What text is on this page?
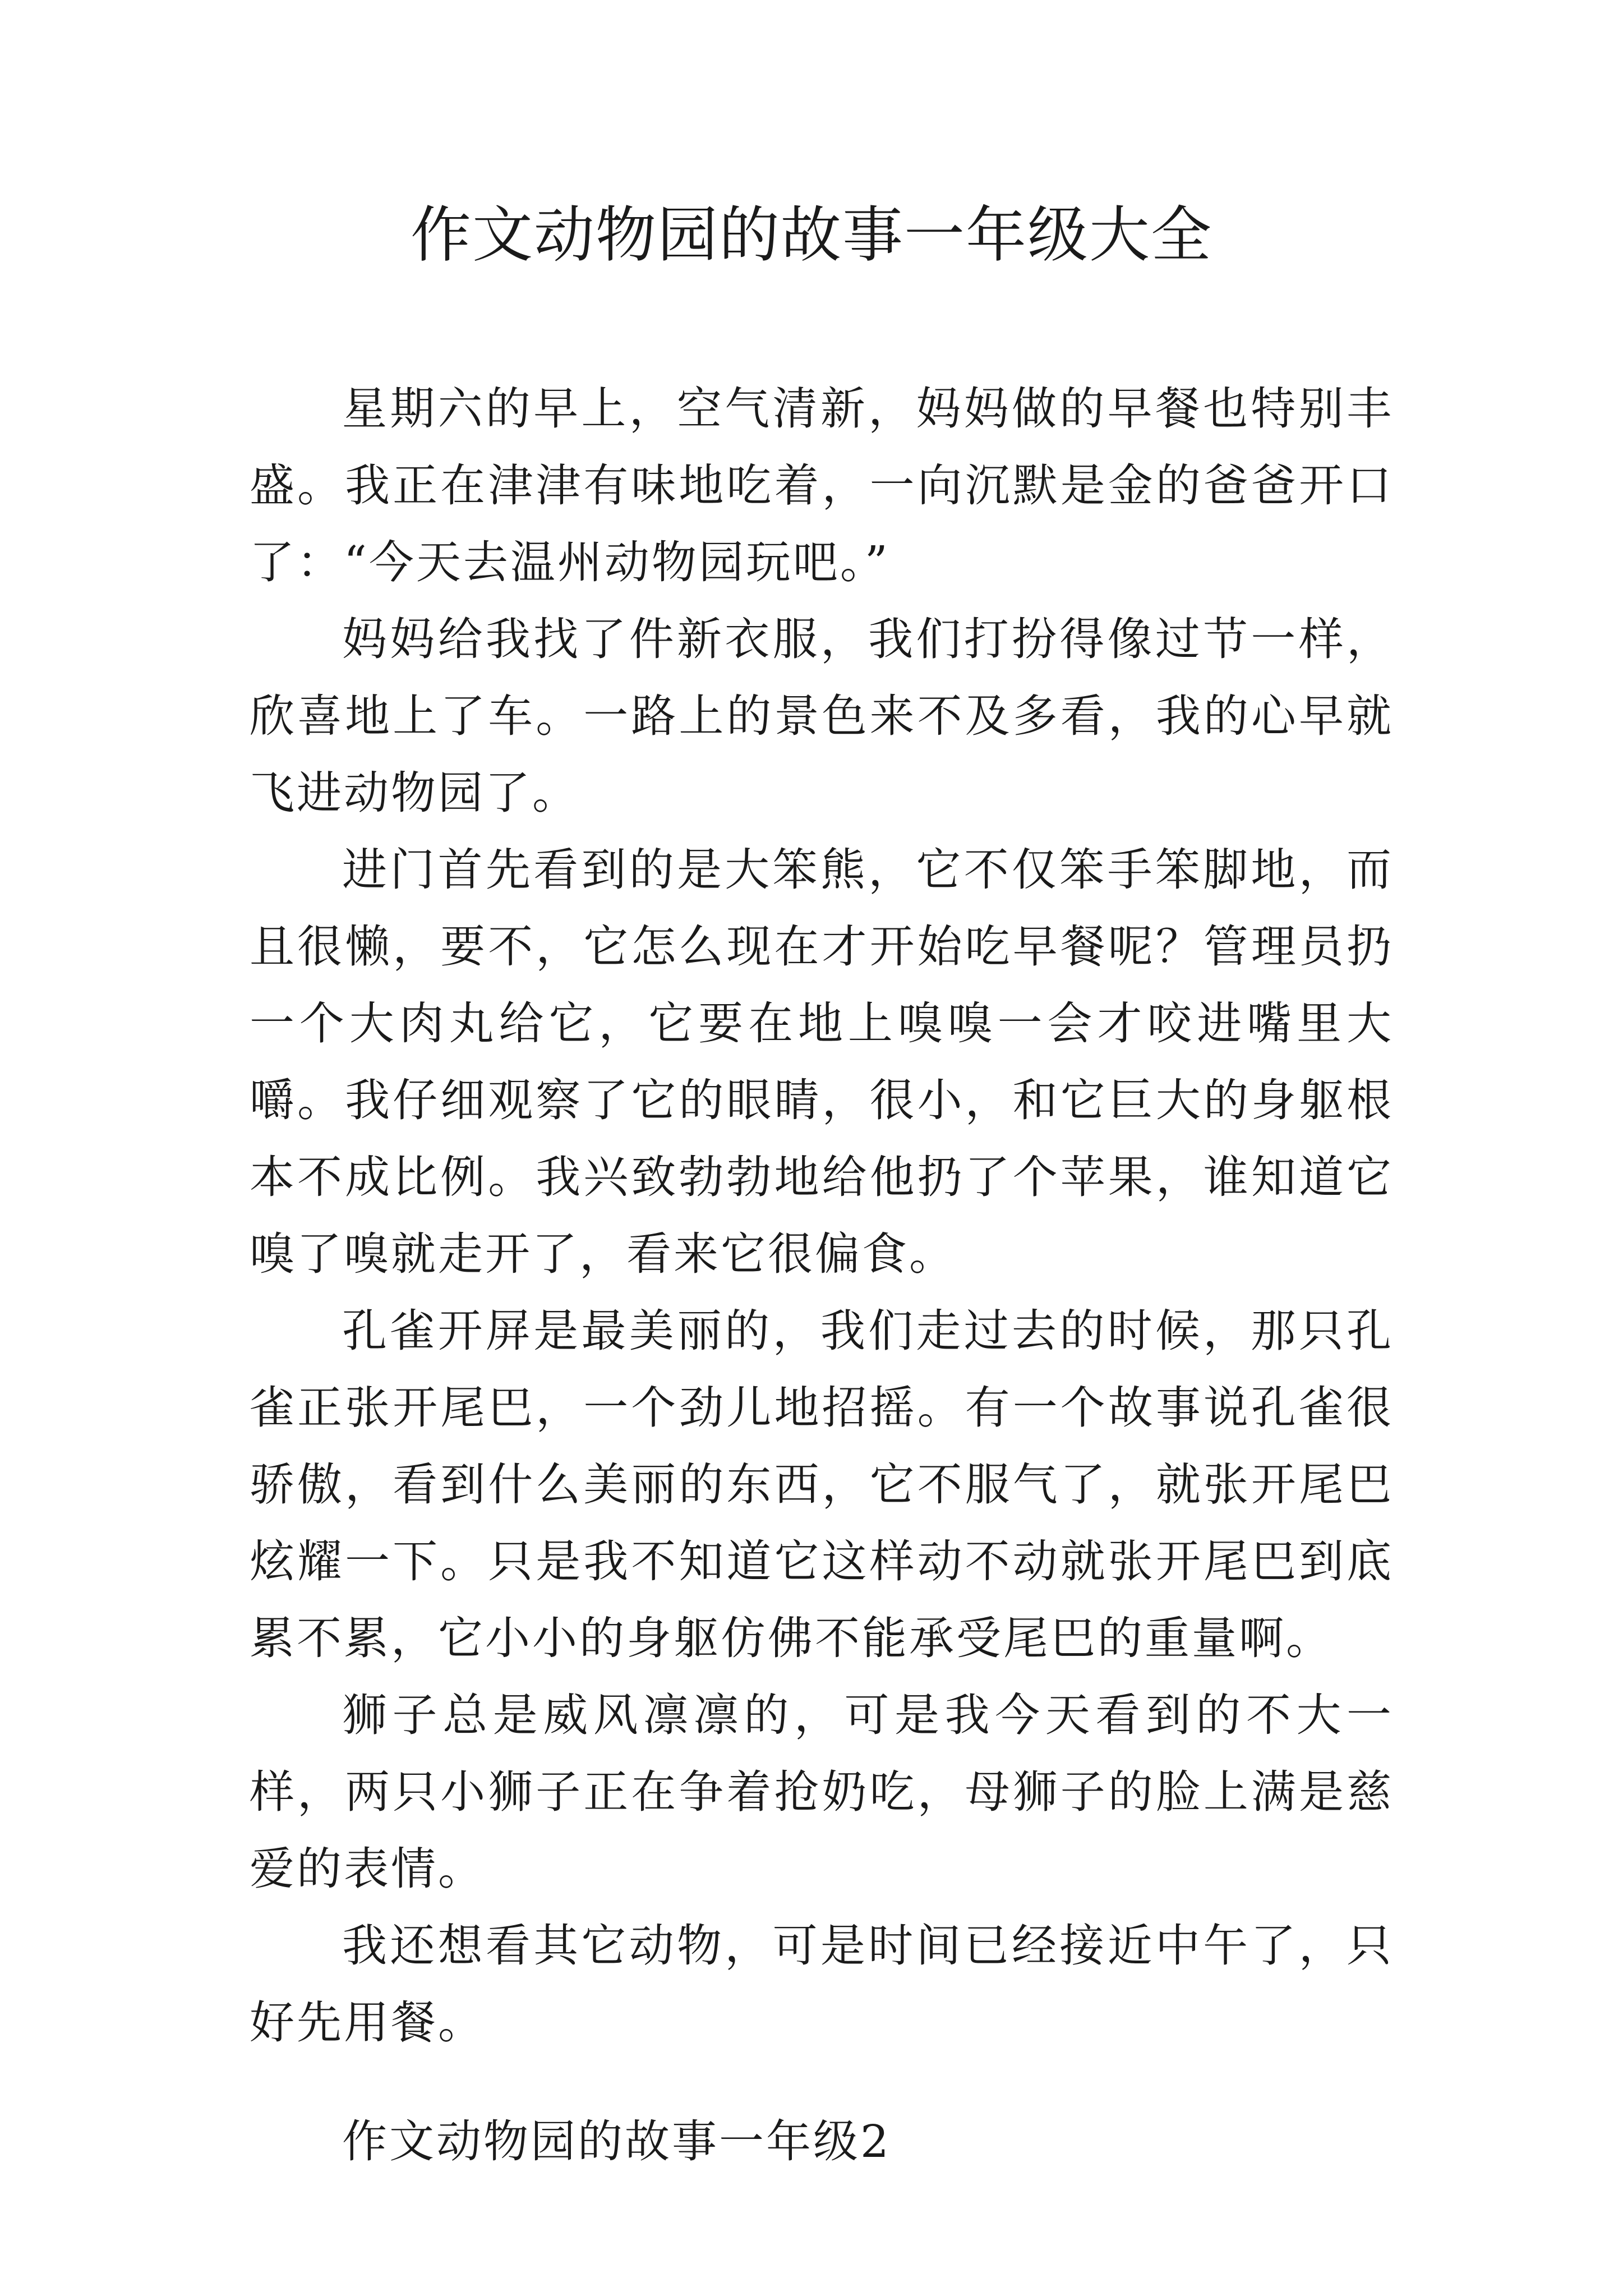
作文动物园的故事一年级大全

星期六的早上，空气清新，妈妈做的早餐也特别丰盛。我正在津津有味地吃着，一向沉默是金的爸爸开口了：“今天去温州动物园玩吧。”

妈妈给我找了件新衣服，我们打扮得像过节一样，欣喜地上了车。一路上的景色来不及多看，我的心早就飞进动物园了。

进门首先看到的是大笨熊，它不仅笨手笨脚地，而且很懒，要不，它怎么现在才开始吃早餐呢？管理员扔一个大肉丸给它，它要在地上嗅嗅一会才咬进嘴里大嚼。我仔细观察了它的眼睛，很小，和它巨大的身躯根本不成比例。我兴致勃勃地给他扔了个苹果，谁知道它嗅了嗅就走开了，看来它很偏食。

孔雀开屏是最美丽的，我们走过去的时候，那只孔雀正张开尾巴，一个劲儿地招摇。有一个故事说孔雀很骄傲，看到什么美丽的东西，它不服气了，就张开尾巴炫耀一下。只是我不知道它这样动不动就张开尾巴到底累不累，它小小的身躯仿佛不能承受尾巴的重量啊。

狮子总是威风凛凛的，可是我今天看到的不大一样，两只小狮子正在争着抢奶吃，母狮子的脸上满是慈爱的表情。

我还想看其它动物，可是时间已经接近中午了，只好先用餐。

作文动物园的故事一年级2
